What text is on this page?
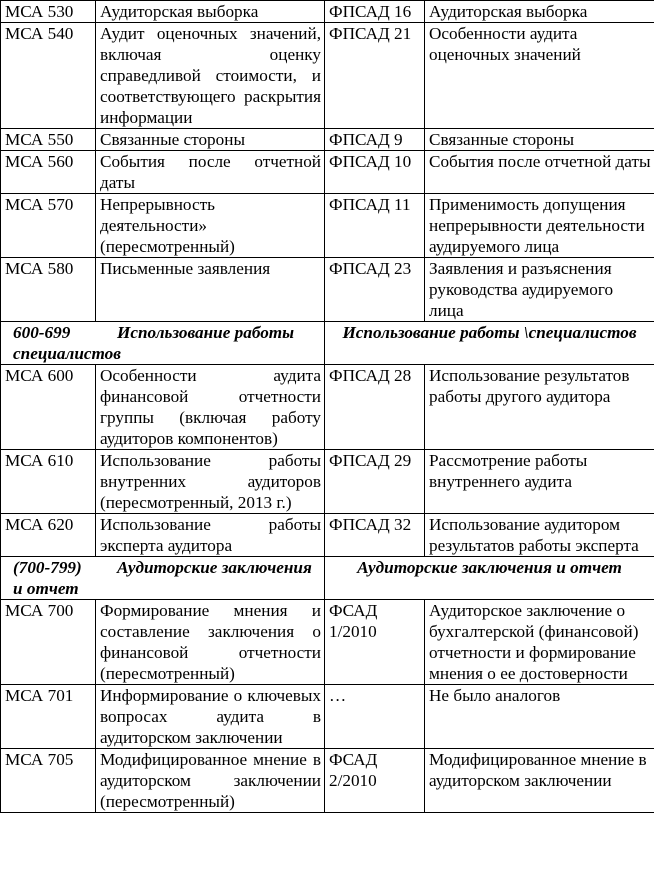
МСА 530	Аудиторская выборка	ФПСАД 16	Аудиторская выборка
МСА 540	Аудит оценочных значений, включая оценку справедливой стоимости, и соответствующего раскрытия информации	ФПСАД 21	Особенности аудита оценочных значений
МСА 550	Связанные стороны	ФПСАД 9	Связанные стороны
МСА 560	События после отчетной даты	ФПСАД 10	События после отчетной даты
МСА 570	Непрерывность деятельности» (пересмотренный)	ФПСАД 11	Применимость допущения непрерывности деятельности аудируемого лица
МСА 580	Письменные заявления	ФПСАД 23	Заявления и разъяснения руководства аудируемого лица
600-699 Использование работы специалистов		Использование работы \специалистов	
МСА 600	Особенности аудита финансовой отчетности группы (включая работу аудиторов компонентов)	ФПСАД 28	Использование результатов работы другого аудитора
МСА 610	Использование работы внутренних аудиторов (пересмотренный, 2013 г.)	ФПСАД 29	Рассмотрение работы внутреннего аудита
МСА 620	Использование работы эксперта аудитора	ФПСАД 32	Использование аудитором результатов работы эксперта
(700-799) Аудиторские заключения и отчет		Аудиторские заключения и отчет	
МСА 700	Формирование мнения и составление заключения о финансовой отчетности (пересмотренный)	ФСАД 1/2010	Аудиторское заключение о бухгалтерской (финансовой) отчетности и формирование мнения о ее достоверности
МСА 701	Информирование о ключевых вопросах аудита в аудиторском заключении	…	Не было аналогов
МСА 705	Модифицированное мнение в аудиторском заключении (пересмотренный)	ФСАД 2/2010	Модифицированное мнение в аудиторском заключении
